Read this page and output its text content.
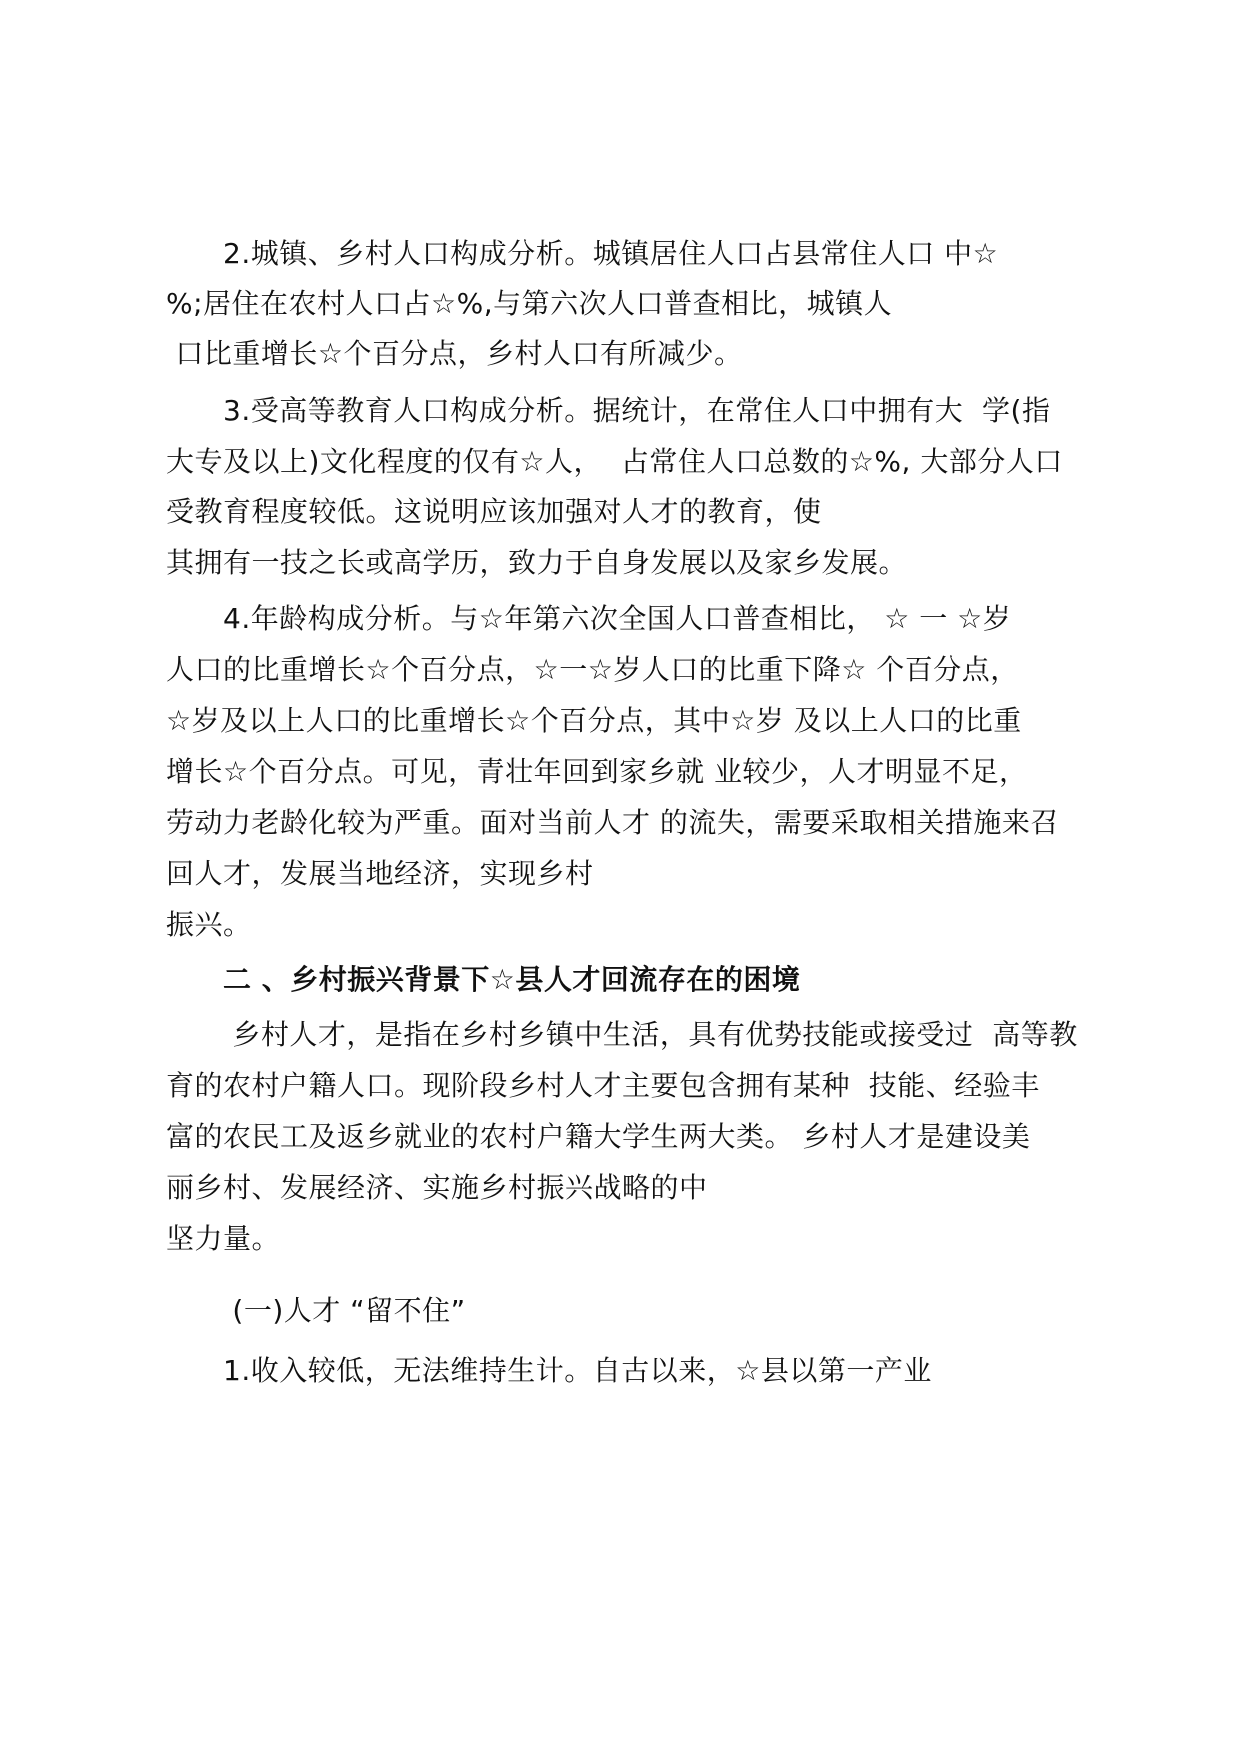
　　2.城镇、乡村人口构成分析。城镇居住人口占县常住人口 中☆
%;居住在农村人口占☆%,与第六次人口普查相比，城镇人
口比重增长☆个百分点，乡村人口有所减少。
　　3.受高等教育人口构成分析。据统计，在常住人口中拥有大  学(指
大专及以上)文化程度的仅有☆人，  占常住人口总数的☆%, 大部分人口
受教育程度较低。这说明应该加强对人才的教育，使
其拥有一技之长或高学历，致力于自身发展以及家乡发展。
　　4.年龄构成分析。与☆年第六次全国人口普查相比， ☆ 一 ☆岁
人口的比重增长☆个百分点，☆一☆岁人口的比重下降☆ 个百分点，
☆岁及以上人口的比重增长☆个百分点，其中☆岁 及以上人口的比重
增长☆个百分点。可见，青壮年回到家乡就 业较少，人才明显不足，
劳动力老龄化较为严重。面对当前人才 的流失，需要采取相关措施来召
回人才，发展当地经济，实现乡村
振兴。
　　二 、乡村振兴背景下☆县人才回流存在的困境
　　 乡村人才，是指在乡村乡镇中生活，具有优势技能或接受过  高等教
育的农村户籍人口。现阶段乡村人才主要包含拥有某种  技能、经验丰
富的农民工及返乡就业的农村户籍大学生两大类。 乡村人才是建设美
丽乡村、发展经济、实施乡村振兴战略的中
坚力量。
　　 (一)人才 “留不住”
　　1.收入较低，无法维持生计。自古以来，☆县以第一产业
